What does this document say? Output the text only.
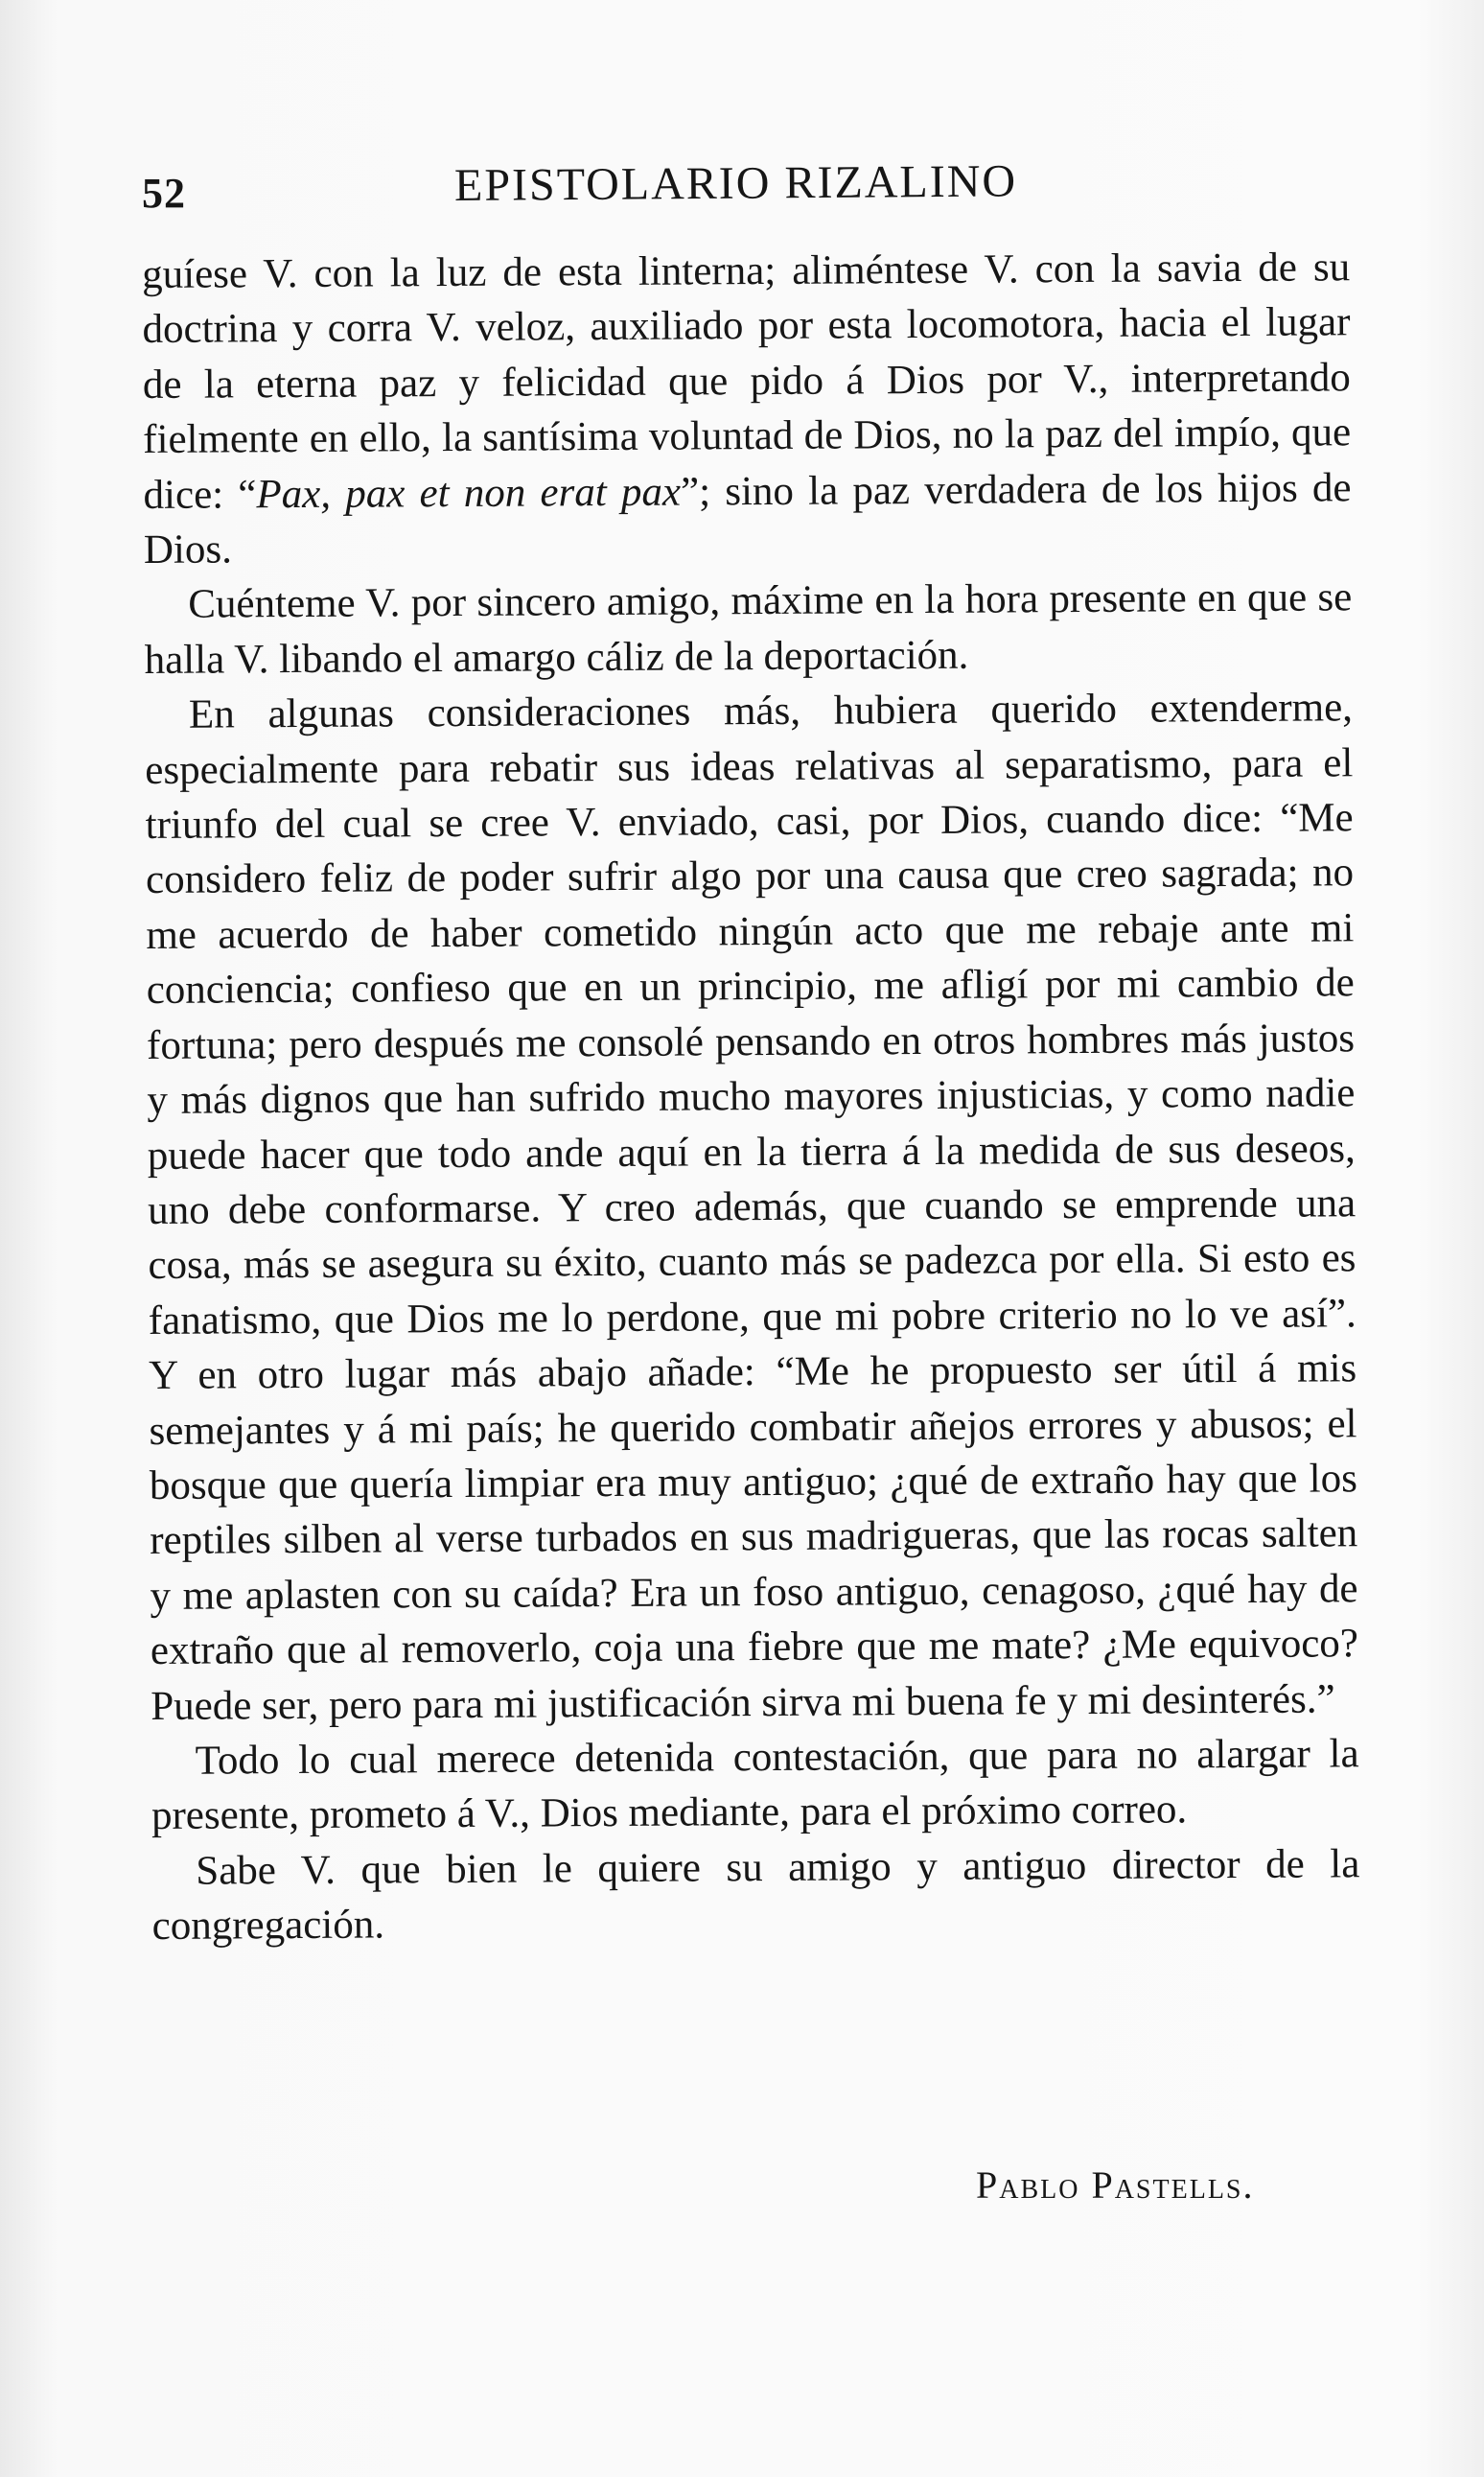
52	EPISTOLARIO RIZALINO

guíese V. con la luz de esta linterna; aliméntese V. con la savia de su doctrina y corra V. veloz, auxiliado por esta locomotora, hacia el lugar de la eterna paz y felicidad que pido á Dios por V., interpretando fielmente en ello, la santísima voluntad de Dios, no la paz del impío, que dice: “Pax, pax et non erat pax”; sino la paz verdadera de los hijos de Dios.

Cuénteme V. por sincero amigo, máxime en la hora presente en que se halla V. libando el amargo cáliz de la deportación.

En algunas consideraciones más, hubiera querido extenderme, especialmente para rebatir sus ideas relativas al separatismo, para el triunfo del cual se cree V. enviado, casi, por Dios, cuando dice: “Me considero feliz de poder sufrir algo por una causa que creo sagrada; no me acuerdo de haber cometido ningún acto que me rebaje ante mi conciencia; confieso que en un principio, me afligí por mi cambio de fortuna; pero después me consolé pensando en otros hombres más justos y más dignos que han sufrido mucho mayores injusticias, y como nadie puede hacer que todo ande aquí en la tierra á la medida de sus deseos, uno debe conformarse. Y creo además, que cuando se emprende una cosa, más se asegura su éxito, cuanto más se padezca por ella. Si esto es fanatismo, que Dios me lo perdone, que mi pobre criterio no lo ve así”. Y en otro lugar más abajo añade: “Me he propuesto ser útil á mis semejantes y á mi país; he querido combatir añejos errores y abusos; el bosque que quería limpiar era muy antiguo; ¿qué de extraño hay que los reptiles silben al verse turbados en sus madrigueras, que las rocas salten y me aplasten con su caída? Era un foso antiguo, cenagoso, ¿qué hay de extraño que al removerlo, coja una fiebre que me mate? ¿Me equivoco? Puede ser, pero para mi justificación sirva mi buena fe y mi desinterés.”

Todo lo cual merece detenida contestación, que para no alargar la presente, prometo á V., Dios mediante, para el próximo correo.

Sabe V. que bien le quiere su amigo y antiguo director de la congregación.

Pablo Pastells.
